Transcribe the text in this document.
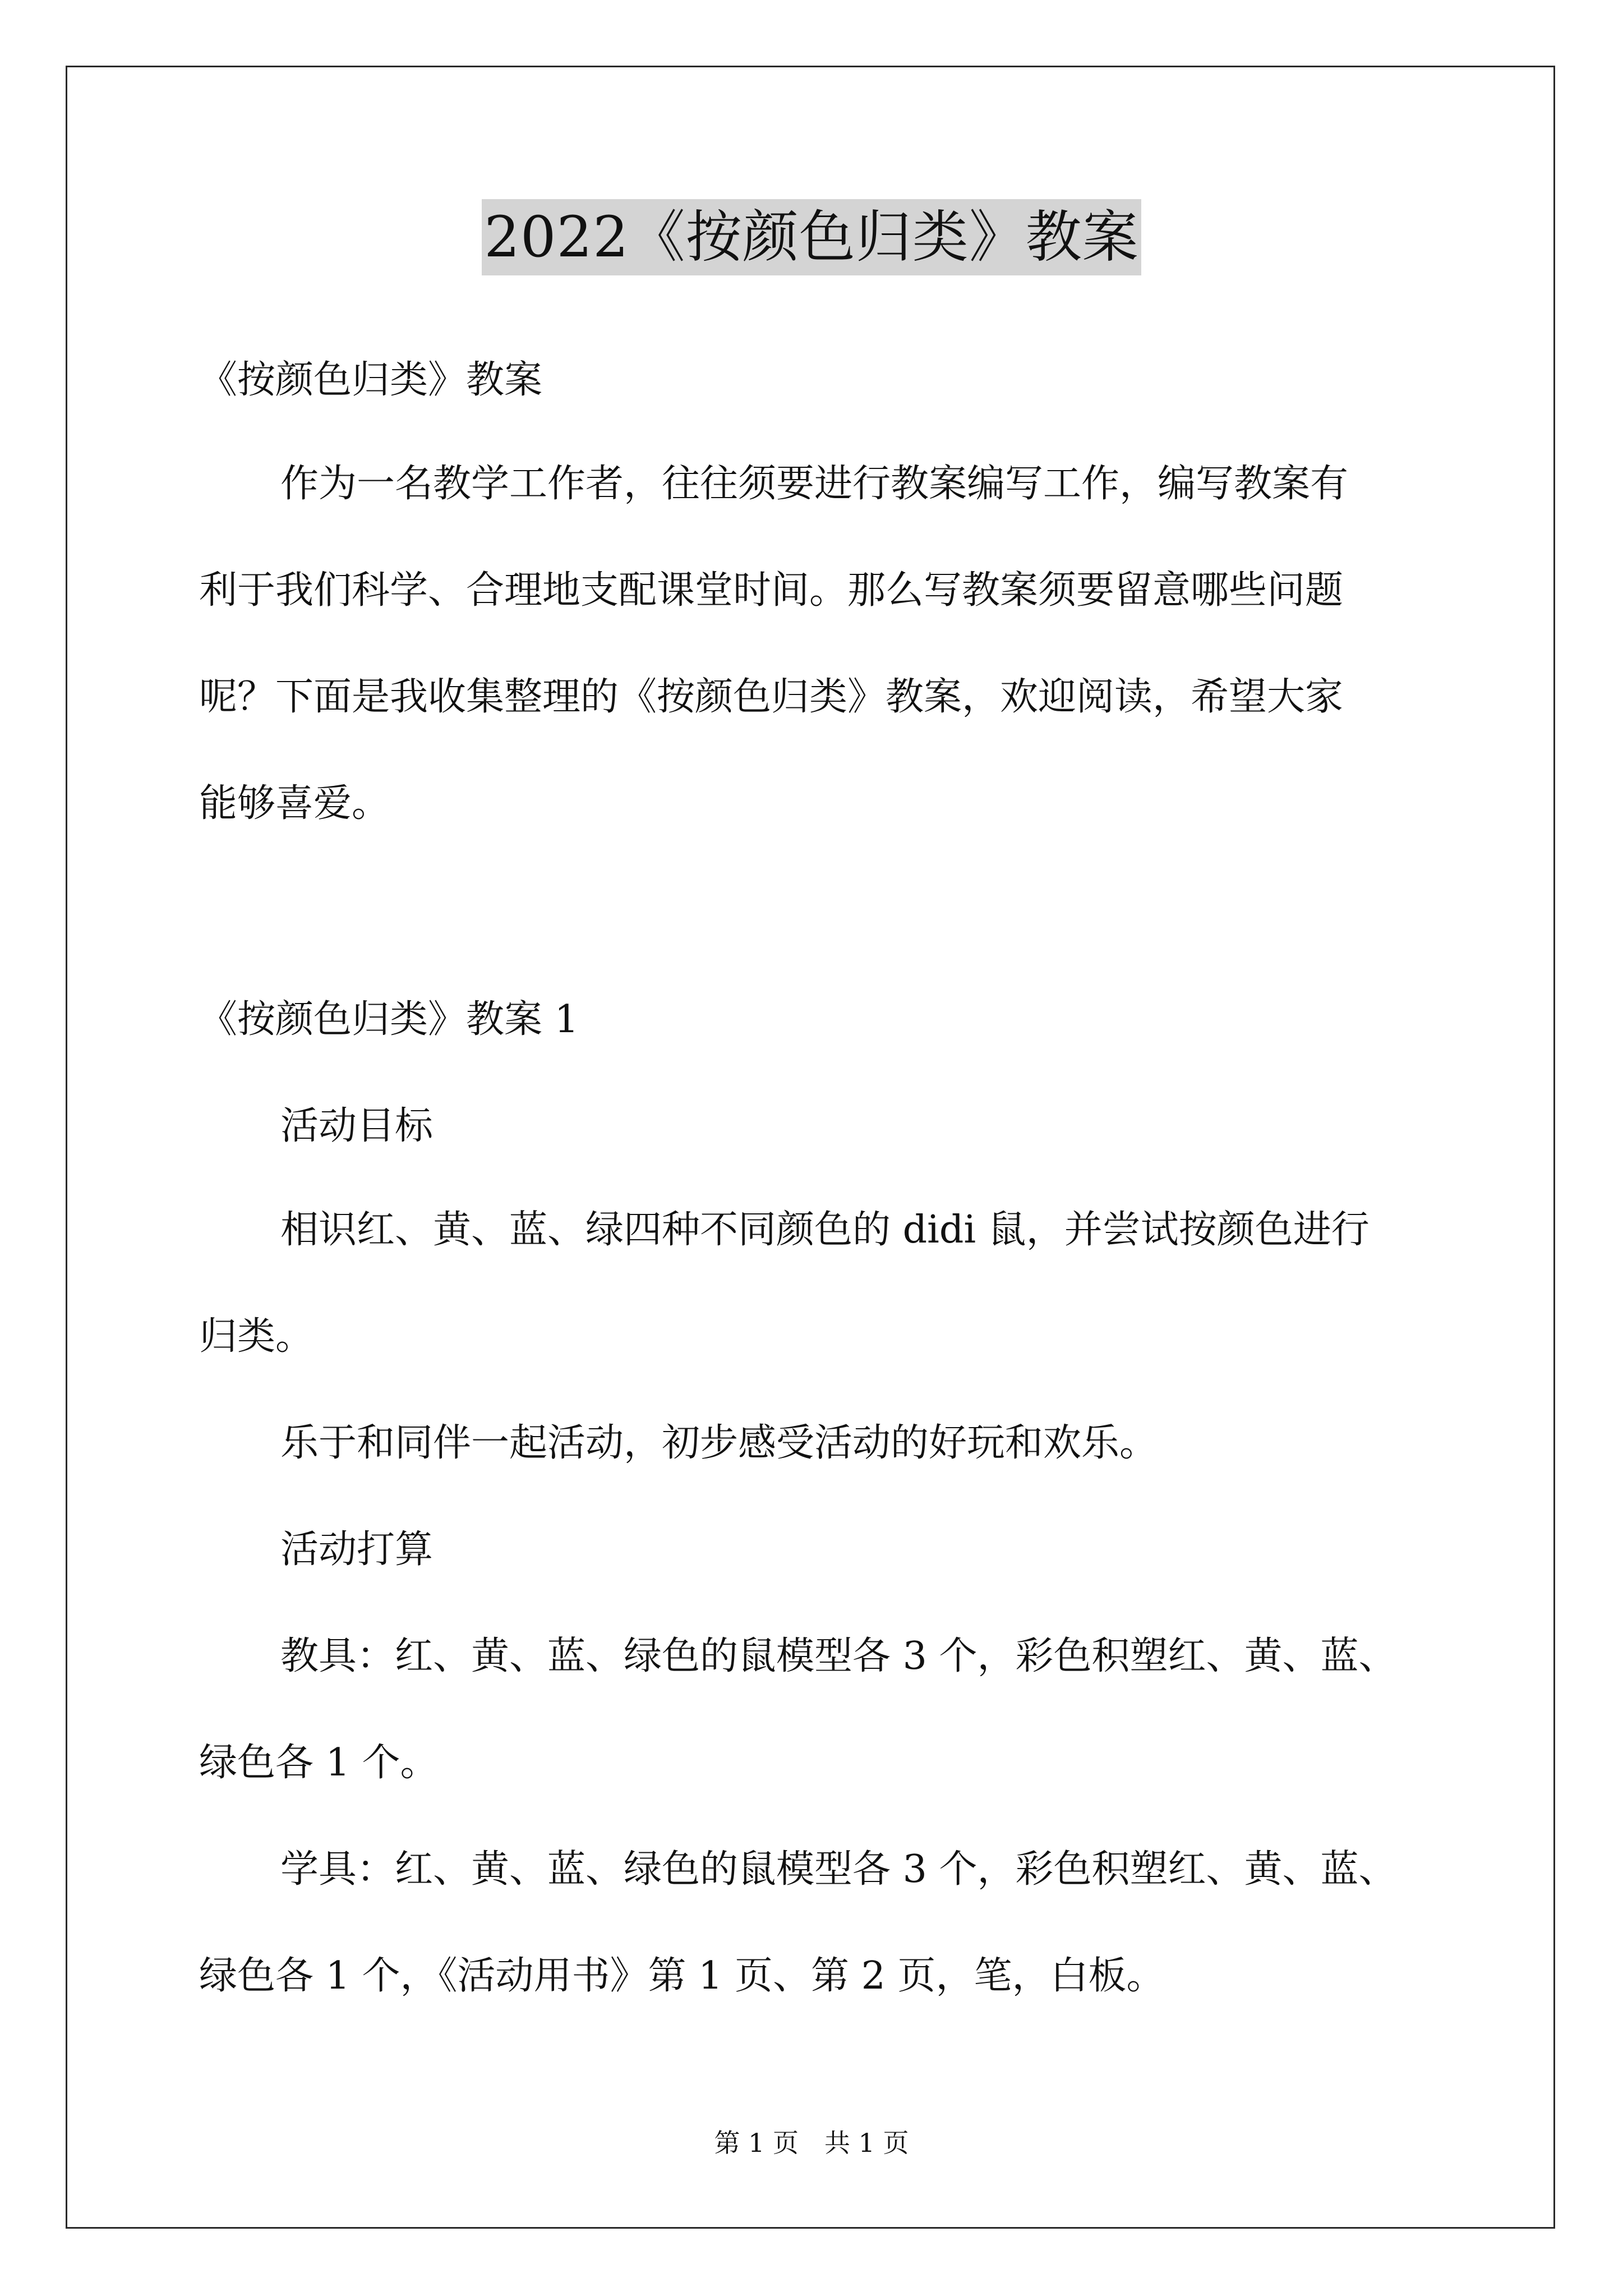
2022《按颜色归类》教案
《按颜色归类》教案
作为一名教学工作者，往往须要进行教案编写工作，编写教案有
利于我们科学、合理地支配课堂时间。那么写教案须要留意哪些问题
呢？下面是我收集整理的《按颜色归类》教案，欢迎阅读，希望大家
能够喜爱。
《按颜色归类》教案 1
活动目标
相识红、黄、蓝、绿四种不同颜色的 didi 鼠，并尝试按颜色进行
归类。
乐于和同伴一起活动，初步感受活动的好玩和欢乐。
活动打算
教具：红、黄、蓝、绿色的鼠模型各 3 个，彩色积塑红、黄、蓝、
绿色各 1 个。
学具：红、黄、蓝、绿色的鼠模型各 3 个，彩色积塑红、黄、蓝、
绿色各 1 个，《活动用书》第 1 页、第 2 页，笔，白板。
第 1 页　共 1 页
